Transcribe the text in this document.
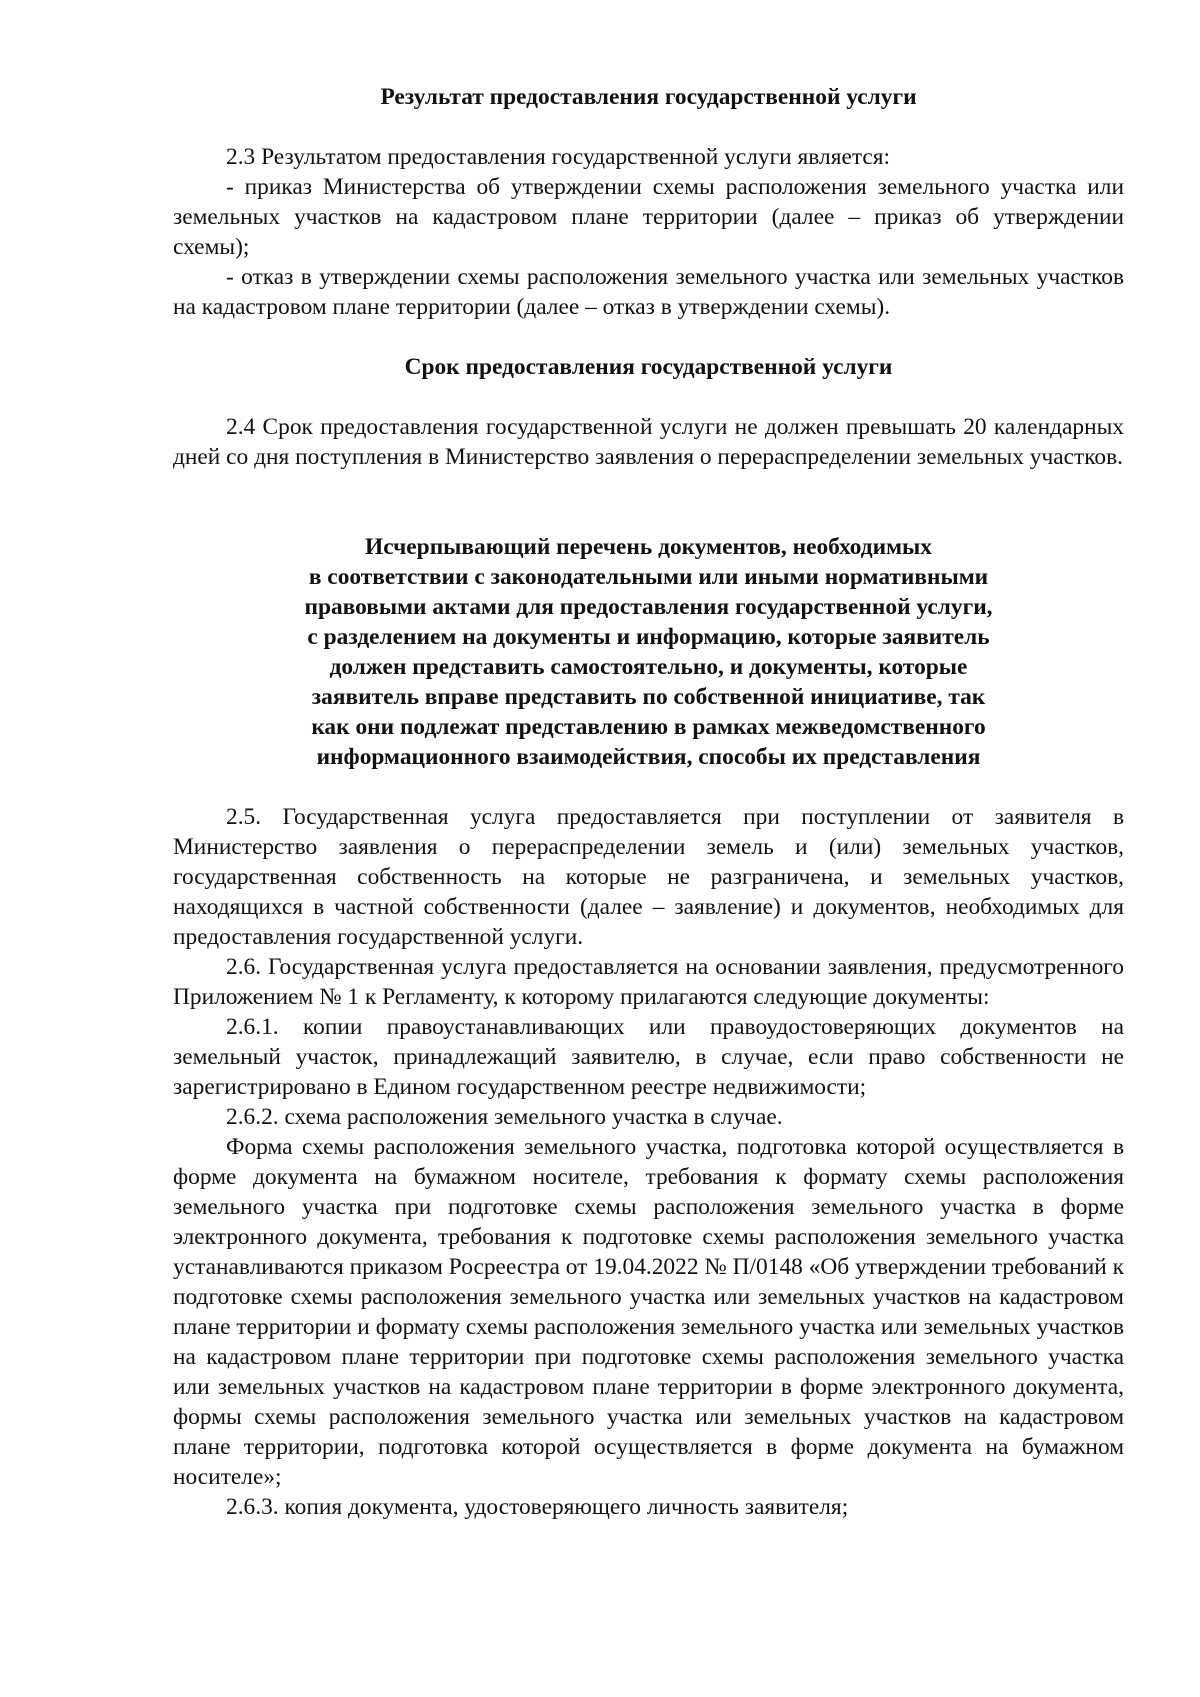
Результат предоставления государственной услуги

2.3 Результатом предоставления государственной услуги является:

- приказ Министерства об утверждении схемы расположения земельного участка или земельных участков на кадастровом плане территории (далее – приказ об утверждении схемы);

- отказ в утверждении схемы расположения земельного участка или земельных участков на кадастровом плане территории (далее – отказ в утверждении схемы).

Срок предоставления государственной услуги

2.4 Срок предоставления государственной услуги не должен превышать 20 календарных дней со дня поступления в Министерство заявления о перераспределении земельных участков.

Исчерпывающий перечень документов, необходимых
в соответствии с законодательными или иными нормативными
правовыми актами для предоставления государственной услуги,
с разделением на документы и информацию, которые заявитель
должен представить самостоятельно, и документы, которые
заявитель вправе представить по собственной инициативе, так
как они подлежат представлению в рамках межведомственного
информационного взаимодействия, способы их представления

2.5. Государственная услуга предоставляется при поступлении от заявителя в Министерство заявления о перераспределении земель и (или) земельных участков, государственная собственность на которые не разграничена, и земельных участков, находящихся в частной собственности (далее – заявление) и документов, необходимых для предоставления государственной услуги.

2.6. Государственная услуга предоставляется на основании заявления, предусмотренного Приложением № 1 к Регламенту, к которому прилагаются следующие документы:

2.6.1. копии правоустанавливающих или правоудостоверяющих документов на земельный участок, принадлежащий заявителю, в случае, если право собственности не зарегистрировано в Едином государственном реестре недвижимости;

2.6.2. схема расположения земельного участка в случае.

Форма схемы расположения земельного участка, подготовка которой осуществляется в форме документа на бумажном носителе, требования к формату схемы расположения земельного участка при подготовке схемы расположения земельного участка в форме электронного документа, требования к подготовке схемы расположения земельного участка устанавливаются приказом Росреестра от 19.04.2022 № П/0148 «Об утверждении требований к подготовке схемы расположения земельного участка или земельных участков на кадастровом плане территории и формату схемы расположения земельного участка или земельных участков на кадастровом плане территории при подготовке схемы расположения земельного участка или земельных участков на кадастровом плане территории в форме электронного документа, формы схемы расположения земельного участка или земельных участков на кадастровом плане территории, подготовка которой осуществляется в форме документа на бумажном носителе»;

2.6.3. копия документа, удостоверяющего личность заявителя;
